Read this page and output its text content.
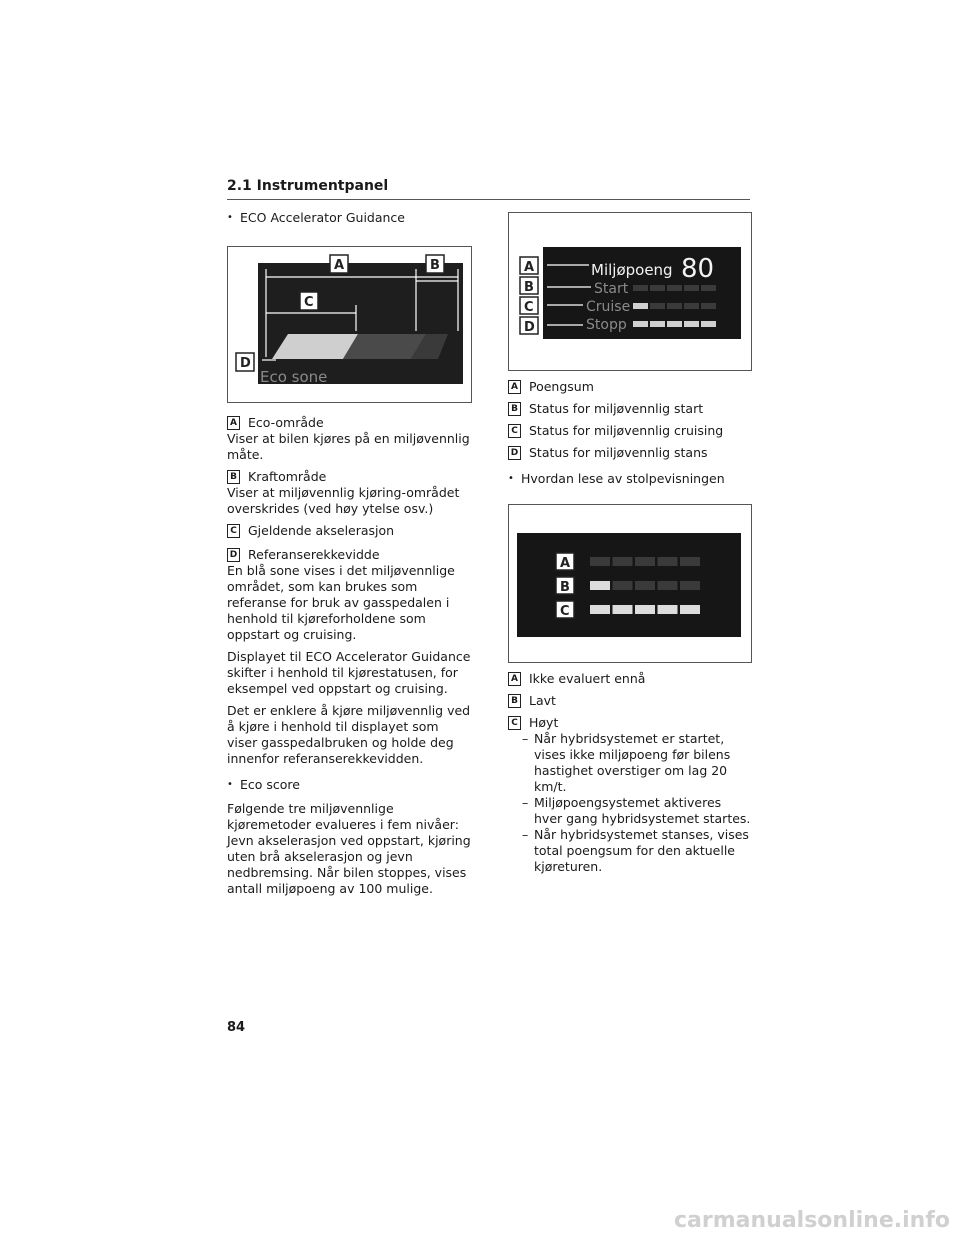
2.1 Instrumentpanel
• ECO Accelerator Guidance
Eco sone
A	B
C
D
A Eco-område
Viser at bilen kjøres på en miljøvennlig måte.
B Kraftområde
Viser at miljøvennlig kjøring-området overskrides (ved høy ytelse osv.)
C Gjeldende akselerasjon
D Referanserekkevidde
En blå sone vises i det miljøvennlige området, som kan brukes som referanse for bruk av gasspedalen i henhold til kjøreforholdene som oppstart og cruising.
Displayet til ECO Accelerator Guidance skifter i henhold til kjørestatusen, for eksempel ved oppstart og cruising.
Det er enklere å kjøre miljøvennlig ved å kjøre i henhold til displayet som viser gasspedalbruken og holde deg innenfor referanserekkevidden.
• Eco score
Følgende tre miljøvennlige kjøremetoder evalueres i fem nivåer: Jevn akselerasjon ved oppstart, kjøring uten brå akselerasjon og jevn nedbremsing. Når bilen stoppes, vises antall miljøpoeng av 100 mulige.
Miljøpoeng 80
Start
Cruise
Stopp
A
B
C
D
A Poengsum
B Status for miljøvennlig start
C Status for miljøvennlig cruising
D Status for miljøvennlig stans
• Hvordan lese av stolpevisningen
A
B
C
A Ikke evaluert ennå
B Lavt
C Høyt
– Når hybridsystemet er startet, vises ikke miljøpoeng før bilens hastighet overstiger om lag 20 km/t.
– Miljøpoengsystemet aktiveres hver gang hybridsystemet startes.
– Når hybridsystemet stanses, vises total poengsum for den aktuelle kjøreturen.
84
carmanualsonline.info
